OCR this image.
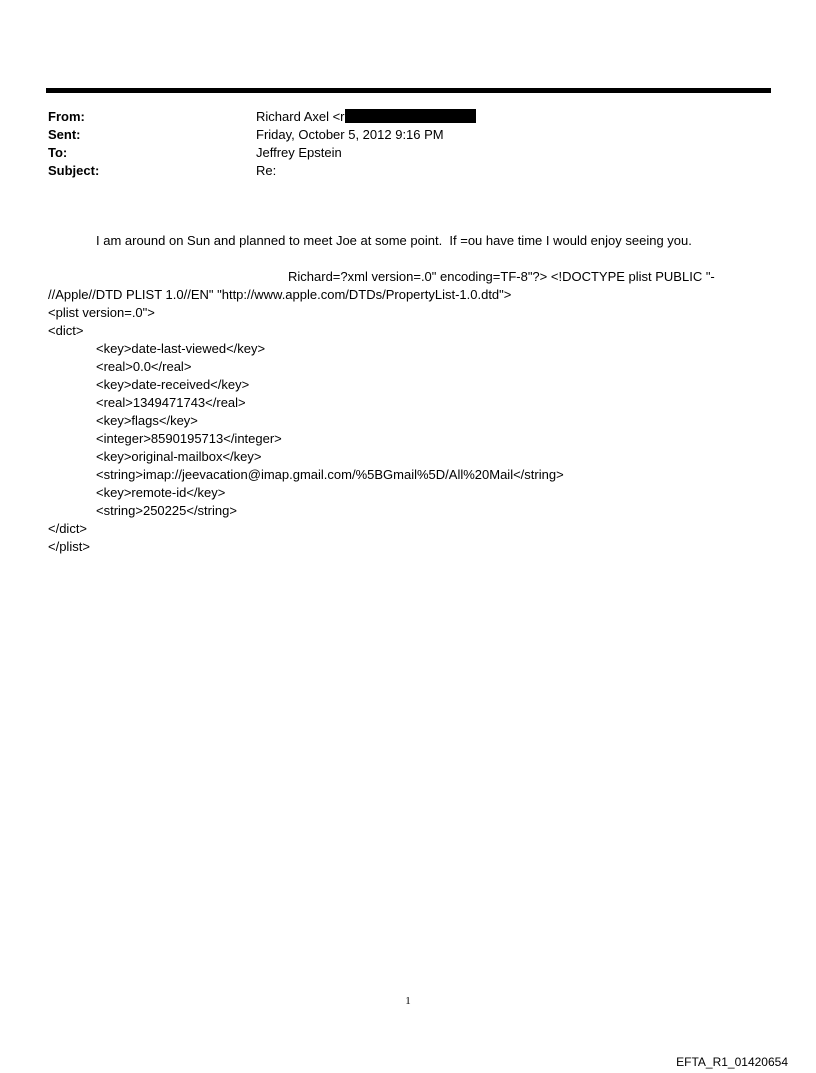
From:	Richard Axel <r
Sent:	Friday, October 5, 2012 9:16 PM
To:	Jeffrey Epstein
Subject:	Re:
I am around on Sun and planned to meet Joe at some point.  If =ou have time I would enjoy seeing you.
Richard=?xml version=.0" encoding=TF-8"?> <!DOCTYPE plist PUBLIC "-
//Apple//DTD PLIST 1.0//EN" "http://www.apple.com/DTDs/PropertyList-1.0.dtd">
<plist version=.0">
<dict>
<key>date-last-viewed</key>
<real>0.0</real>
<key>date-received</key>
<real>1349471743</real>
<key>flags</key>
<integer>8590195713</integer>
<key>original-mailbox</key>
<string>imap://jeevacation@imap.gmail.com/%5BGmail%5D/All%20Mail</string>
<key>remote-id</key>
<string>250225</string>
</dict>
</plist>
1
EFTA_R1_01420654
